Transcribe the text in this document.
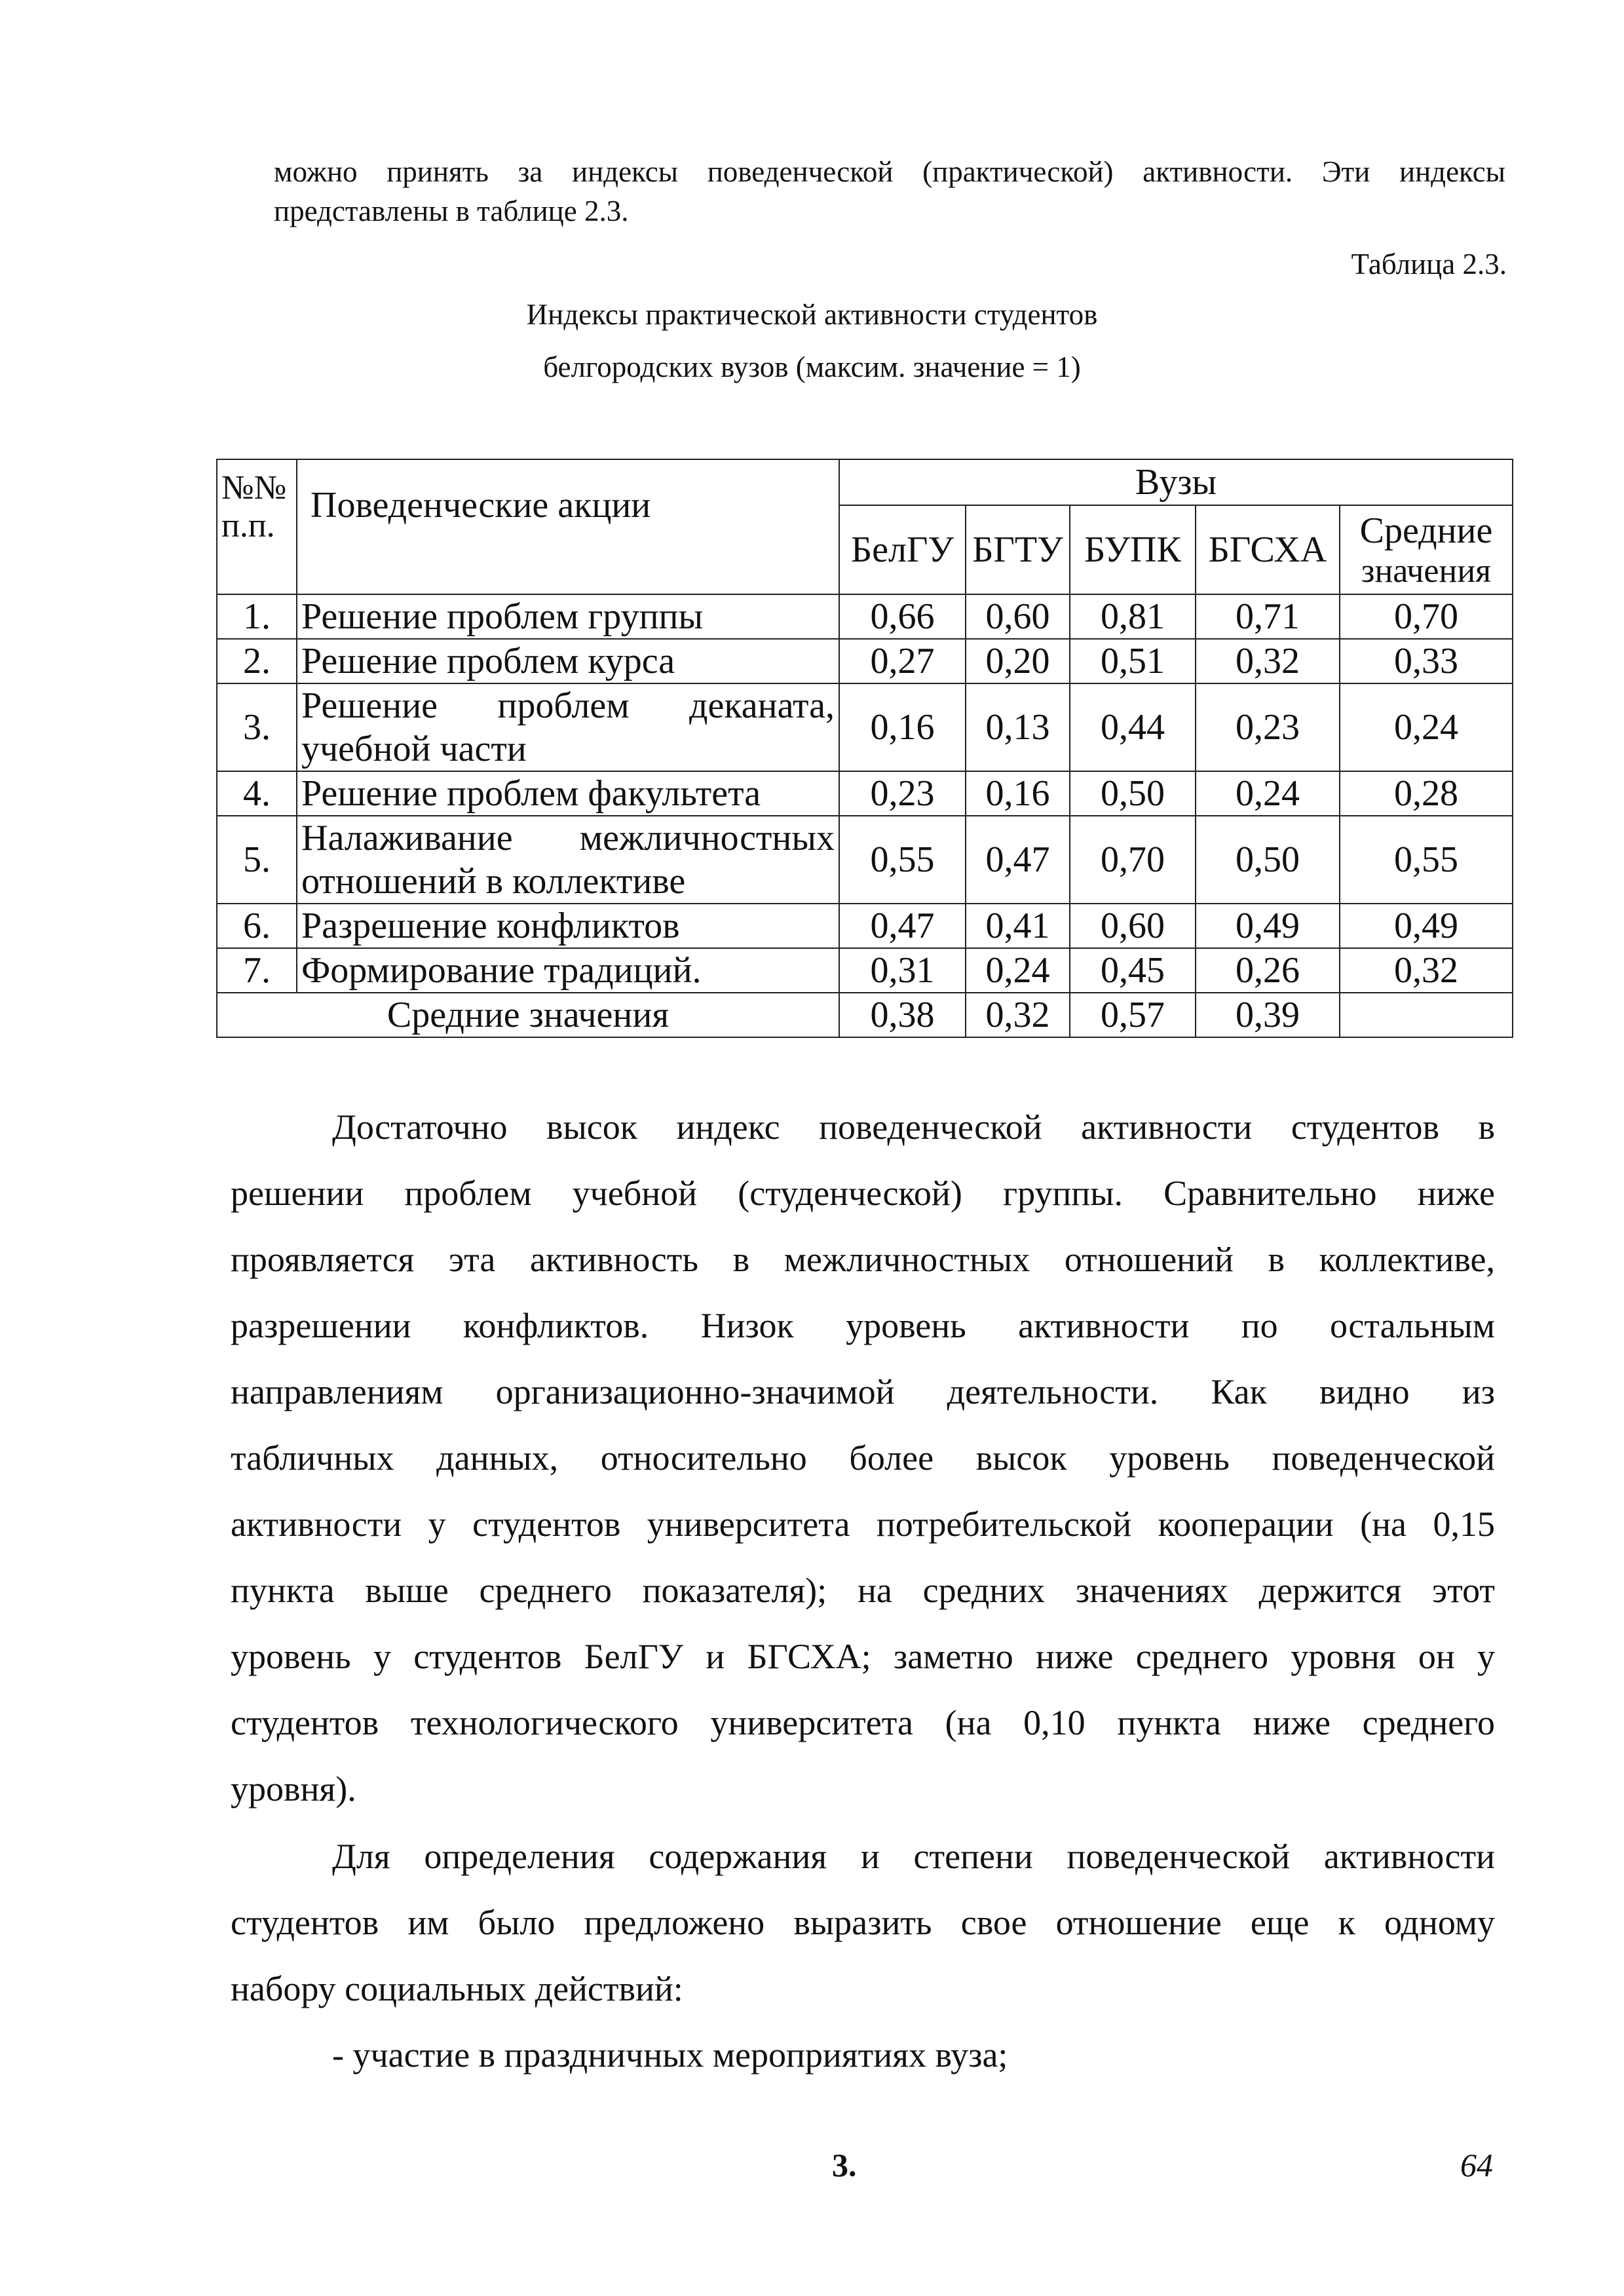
можно принять за индексы поведенческой (практической) активности. Эти индексы
представлены в таблице 2.3.
Таблица 2.3.
Индексы практической активности студентов
белгородских вузов (максим. значение = 1)
№№
п.п.	Поведенческие акции	Вузы				
		БелГУ	БГТУ	БУПК	БГСХА	Средние
значения

1.	Решение проблем группы	0,66	0,60	0,81	0,71	0,70
2.	Решение проблем курса	0,27	0,20	0,51	0,32	0,33
3.	Решение проблем деканата,
учебной части	0,16	0,13	0,44	0,23	0,24
4.	Решение проблем факультета	0,23	0,16	0,50	0,24	0,28
5.	Налаживание межличностных
отношений в коллективе	0,55	0,47	0,70	0,50	0,55
6.	Разрешение конфликтов	0,47	0,41	0,60	0,49	0,49
7.	Формирование традиций.	0,31	0,24	0,45	0,26	0,32
Средние значения		0,38	0,32	0,57	0,39	
Достаточно высок индекс поведенческой активности студентов в
решении проблем учебной (студенческой) группы. Сравнительно ниже
проявляется эта активность в межличностных отношений в коллективе,
разрешении конфликтов. Низок уровень активности по остальным
направлениям организационно-значимой деятельности. Как видно из
табличных данных, относительно более высок уровень поведенческой
активности у студентов университета потребительской кооперации (на 0,15
пункта выше среднего показателя); на средних значениях держится этот
уровень у студентов БелГУ и БГСХА; заметно ниже среднего уровня он у
студентов технологического университета (на 0,10 пункта ниже среднего
уровня).
Для определения содержания и степени поведенческой активности
студентов им было предложено выразить свое отношение еще к одному
набору социальных действий:
- участие в праздничных мероприятиях вуза;
3.	64
